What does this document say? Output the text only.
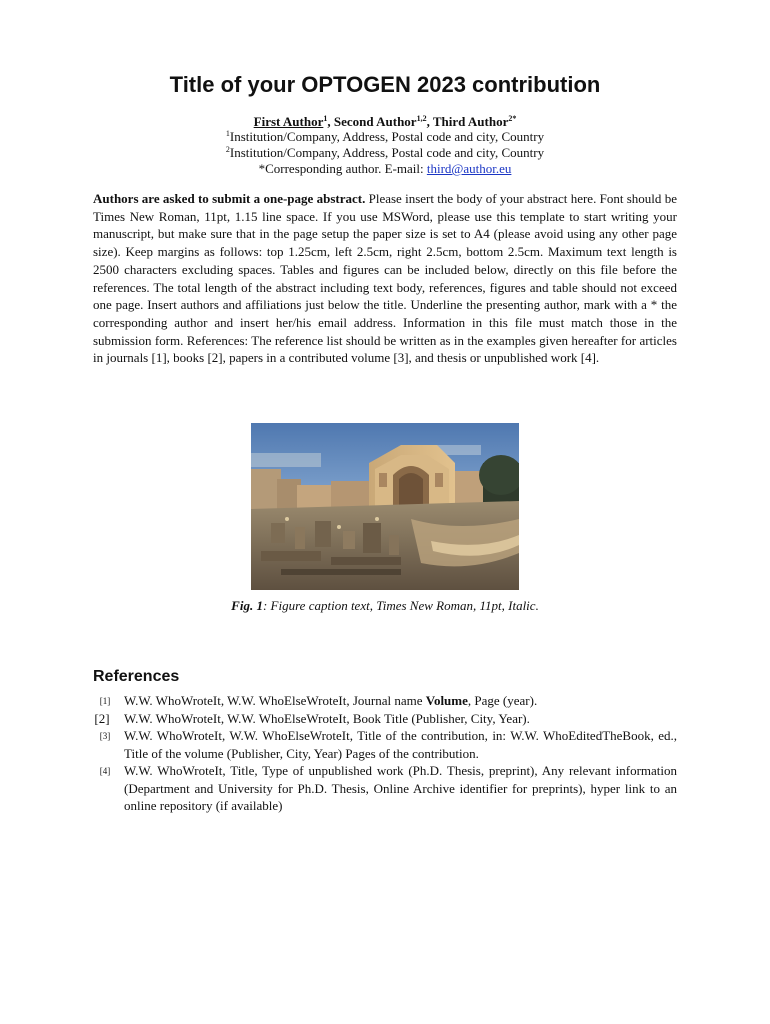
Title of your OPTOGEN 2023 contribution
First Author$^1$, Second Author$^{1,2}$, Third Author$^{2*}$
$^1$Institution/Company, Address, Postal code and city, Country
$^2$Institution/Company, Address, Postal code and city, Country
*Corresponding author. E-mail: third@author.eu
Authors are asked to submit a one-page abstract. Please insert the body of your abstract here. Font should be Times New Roman, 11pt, 1.15 line space. If you use MSWord, please use this template to start writing your manuscript, but make sure that in the page setup the paper size is set to A4 (please avoid using any other page size). Keep margins as follows: top 1.25cm, left 2.5cm, right 2.5cm, bottom 2.5cm. Maximum text length is 2500 characters excluding spaces. Tables and figures can be included below, directly on this file before the references. The total length of the abstract including text body, references, figures and table should not exceed one page. Insert authors and affiliations just below the title. Underline the presenting author, mark with a * the corresponding author and insert her/his email address. Information in this file must match those in the submission form. References: The reference list should be written as in the examples given hereafter for articles in journals [1], books [2], papers in a contributed volume [3], and thesis or unpublished work [4].
Fig. 1: Figure caption text, Times New Roman, 11pt, Italic.
References
[1]	W.W. WhoWroteIt, W.W. WhoElseWroteIt, Journal name Volume, Page (year).
[2]	W.W. WhoWroteIt, W.W. WhoElseWroteIt, Book Title (Publisher, City, Year).
[3]	W.W. WhoWroteIt, W.W. WhoElseWroteIt, Title of the contribution, in: W.W. WhoEditedTheBook, ed., Title of the volume (Publisher, City, Year) Pages of the contribution.
[4]	W.W. WhoWroteIt, Title, Type of unpublished work (Ph.D. Thesis, preprint), Any relevant information (Department and University for Ph.D. Thesis, Online Archive identifier for preprints), hyper link to an online repository (if available)
